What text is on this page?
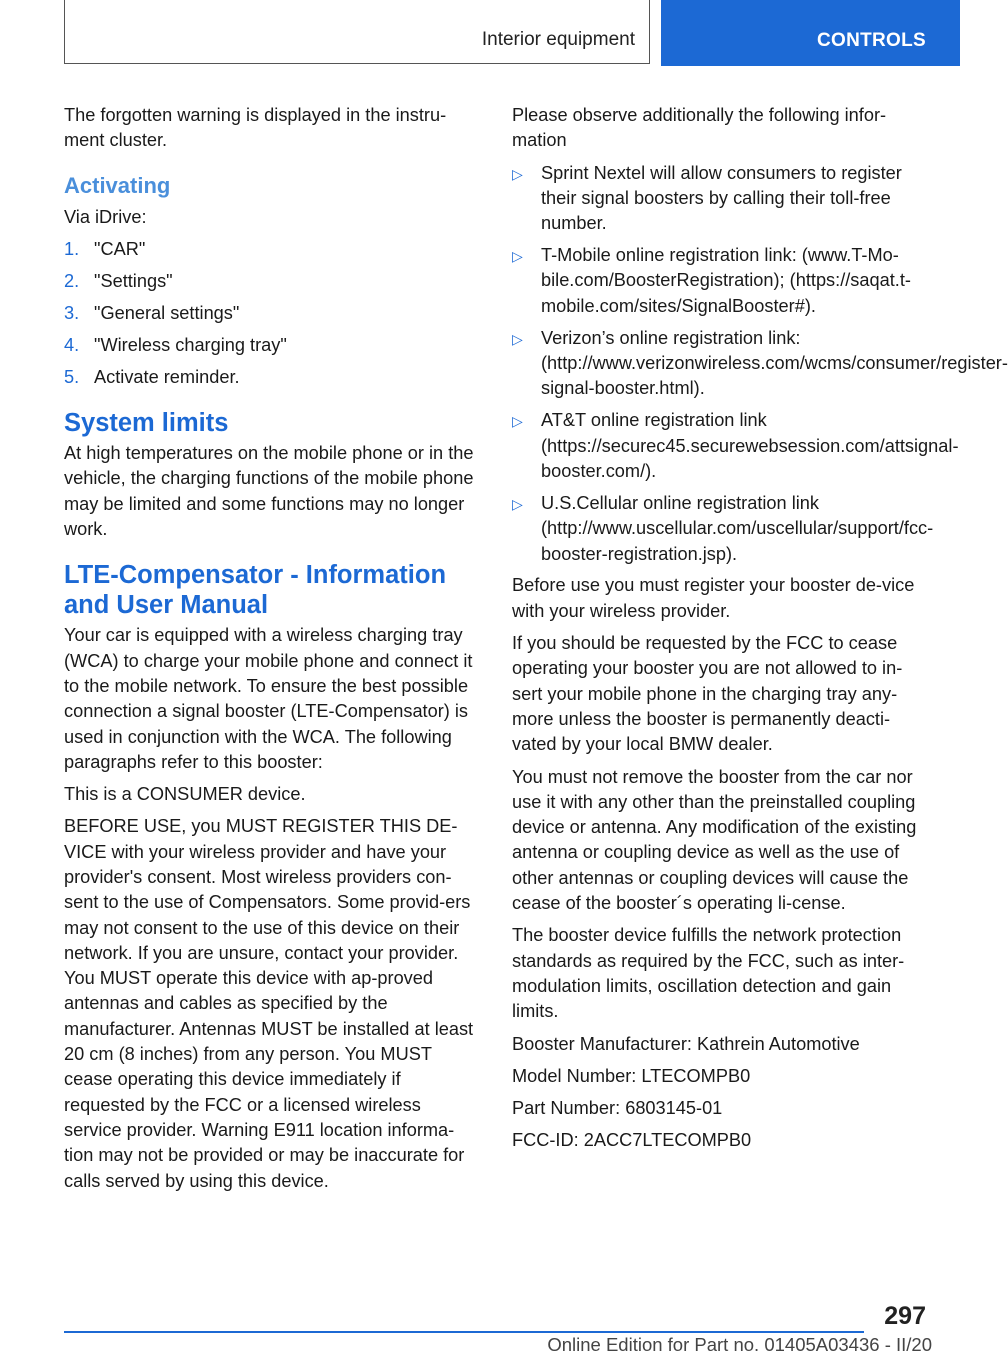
Interior equipment	CONTROLS

The forgotten warning is displayed in the instru-ment cluster.

Activating

Via iDrive:

1. "CAR"
2. "Settings"
3. "General settings"
4. "Wireless charging tray"
5. Activate reminder.
System limits

At high temperatures on the mobile phone or in the vehicle, the charging functions of the mobile phone may be limited and some functions may no longer work.

LTE-Compensator - Information and User Manual

Your car is equipped with a wireless charging tray (WCA) to charge your mobile phone and connect it to the mobile network. To ensure the best possible connection a signal booster (LTE-Compensator) is used in conjunction with the WCA. The following paragraphs refer to this booster:

This is a CONSUMER device.

BEFORE USE, you MUST REGISTER THIS DE-VICE with your wireless provider and have your provider's consent. Most wireless providers con-sent to the use of Compensators. Some provid-ers may not consent to the use of this device on their network. If you are unsure, contact your provider. You MUST operate this device with ap-proved antennas and cables as specified by the manufacturer. Antennas MUST be installed at least 20 cm (8 inches) from any person. You MUST cease operating this device immediately if requested by the FCC or a licensed wireless service provider. Warning E911 location informa-tion may not be provided or may be inaccurate for calls served by using this device.

Please observe additionally the following infor-mation

▷	Sprint Nextel will allow consumers to register their signal boosters by calling their toll-free number.
▷	T-Mobile online registration link: (www.T-Mo-bile.com/BoosterRegistration); (https://saqat.t-mobile.com/sites/SignalBooster#).
▷	Verizon’s online registration link: (http://www.verizonwireless.com/wcms/consumer/register-signal-booster.html).
▷	AT&T online registration link (https://securec45.securewebsession.com/attsignal-booster.com/).
▷	U.S.Cellular online registration link (http://www.uscellular.com/uscellular/support/fcc-booster-registration.jsp).

Before use you must register your booster de-vice with your wireless provider.

If you should be requested by the FCC to cease operating your booster you are not allowed to in-sert your mobile phone in the charging tray any-more unless the booster is permanently deacti-vated by your local BMW dealer.

You must not remove the booster from the car nor use it with any other than the preinstalled coupling device or antenna. Any modification of the existing antenna or coupling device as well as the use of other antennas or coupling devices will cause the cease of the booster´s operating li-cense.

The booster device fulfills the network protection standards as required by the FCC, such as inter-modulation limits, oscillation detection and gain limits.

Booster Manufacturer: Kathrein Automotive

Model Number: LTECOMPB0

Part Number: 6803145-01

FCC-ID: 2ACC7LTECOMPB0

297
Online Edition for Part no. 01405A03436 - II/20
